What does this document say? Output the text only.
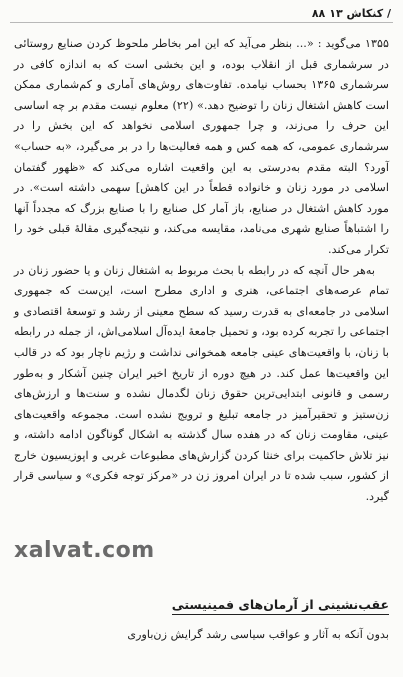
/ کنکاش ۱۳
۸۸

۱۳۵۵ می‌گوید : «... بنظر می‌آید که این امر بخاطر ملحوظ کردن صنایع روستائی در سرشماری قبل از انقلاب بوده، و این بخشی است که به اندازه کافی در سرشماری ۱۳۶۵ بحساب نیامده. تفاوت‌های روش‌های آماری و کم‌شماری ممکن است کاهش اشتغال زنان را توضیح دهد.» (۲۲) معلوم نیست مقدم بر چه اساسی این حرف را می‌زند، و چرا جمهوری اسلامی نخواهد که این بخش را در سرشماری عمومی، که همه کس و همه فعالیت‌ها را در بر می‌گیرد، «به حساب» آورد؟ البته مقدم به‌درستی به این واقعیت اشاره می‌کند که «ظهور گفتمان اسلامی در مورد زنان و خانواده قطعاً در این کاهش] سهمی داشته است». در مورد کاهش اشتغال در صنایع، باز آمار کل صنایع را با صنایع بزرگ که مجدداً آنها را اشتباهاً صنایع شهری می‌نامد، مقایسه می‌کند، و نتیجه‌گیری مقالهٔ قبلی خود را تکرار می‌کند.

به‌هر حال آنچه که در رابطه با بحث مربوط به اشتغال زنان و یا حضور زنان در تمام عرصه‌های اجتماعی، هنری و اداری مطرح است، این‌ست که جمهوری اسلامی در جامعه‌ای به قدرت رسید که سطح معینی از رشد و توسعهٔ اقتصادی و اجتماعی را تجربه کرده بود، و تحمیل جامعهٔ ایده‌آل اسلامی‌اش، از جمله در رابطه با زنان، با واقعیت‌های عینی جامعه همخوانی نداشت و رژیم ناچار بود که در قالب این واقعیت‌ها عمل کند. در هیچ دوره از تاریخ اخیر ایران چنین آشکار و به‌طور رسمی و قانونی ابتدایی‌ترین حقوق زنان لگدمال نشده و سنت‌ها و ارزش‌های زن‌ستیز و تحقیرآمیز در جامعه تبلیغ و ترویج نشده است. مجموعه واقعیت‌های عینی، مقاومت زنان که در هفده سال گذشته به اشکال گوناگون ادامه داشته، و نیز تلاش حاکمیت برای خنثا کردن گزارش‌های مطبوعات غربی و اپوزیسیون خارج از کشور، سبب شده تا در ایران امروز زن در «مرکز توجه فکری» و سیاسی قرار گیرد.

xalvat.com
عقب‌نشینی از آرمان‌های فمینیستی
بدون آنکه به آثار و عواقب سیاسی رشد گرایش زن‌باوری
